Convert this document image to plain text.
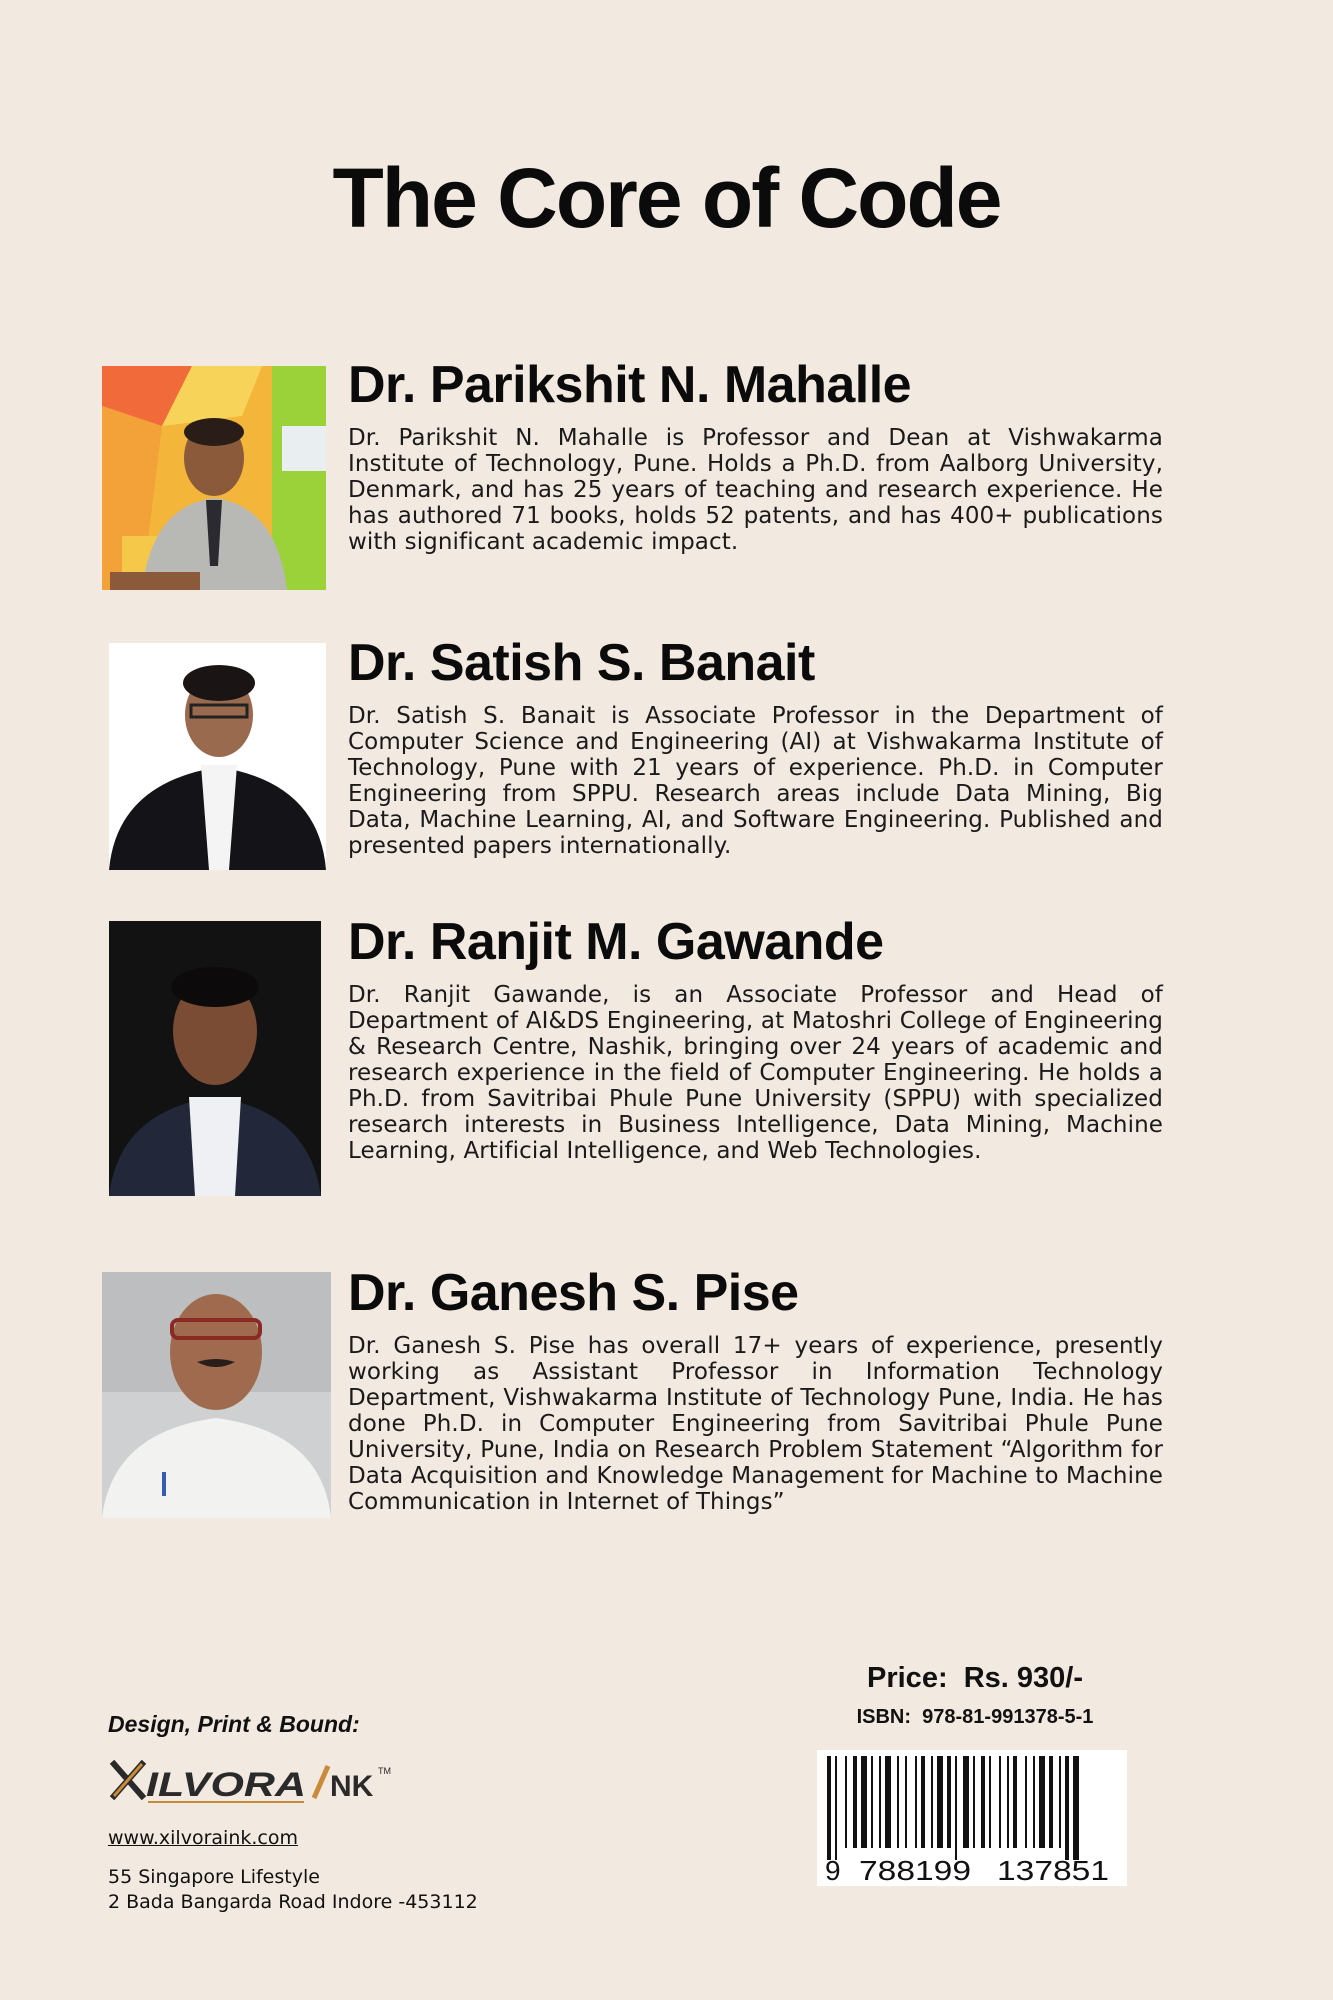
The Core of Code
Dr. Parikshit N. Mahalle

Dr. Parikshit N. Mahalle is Professor and Dean at Vishwakarma Institute of Technology, Pune. Holds a Ph.D. from Aalborg University, Denmark, and has 25 years of teaching and research experience. He has authored 71 books, holds 52 patents, and has 400+ publications with significant academic impact.

Dr. Satish S. Banait

Dr. Satish S. Banait is Associate Professor in the Department of Computer Science and Engineering (AI) at Vishwakarma Institute of Technology, Pune with 21 years of experience. Ph.D. in Computer Engineering from SPPU. Research areas include Data Mining, Big Data, Machine Learning, AI, and Software Engineering. Published and presented papers internationally.

Dr. Ranjit M. Gawande

Dr. Ranjit Gawande, is an Associate Professor and Head of Department of AI&DS Engineering, at Matoshri College of Engineering & Research Centre, Nashik, bringing over 24 years of academic and research experience in the field of Computer Engineering. He holds a Ph.D. from Savitribai Phule Pune University (SPPU) with specialized research interests in Business Intelligence, Data Mining, Machine Learning, Artificial Intelligence, and Web Technologies.

Dr. Ganesh S. Pise

Dr. Ganesh S. Pise has overall 17+ years of experience, presently working as Assistant Professor in Information Technology Department, Vishwakarma Institute of Technology Pune, India. He has done Ph.D. in Computer Engineering from Savitribai Phule Pune University, Pune, India on Research Problem Statement “Algorithm for Data Acquisition and Knowledge Management for Machine to Machine Communication in Internet of Things”

Design, Print & Bound:
ILVORA NK TM
www.xilvoraink.com
55 Singapore Lifestyle
2 Bada Bangarda Road Indore -453112
Price:  Rs. 930/-
ISBN:  978-81-991378-5-1
9 788199 137851
